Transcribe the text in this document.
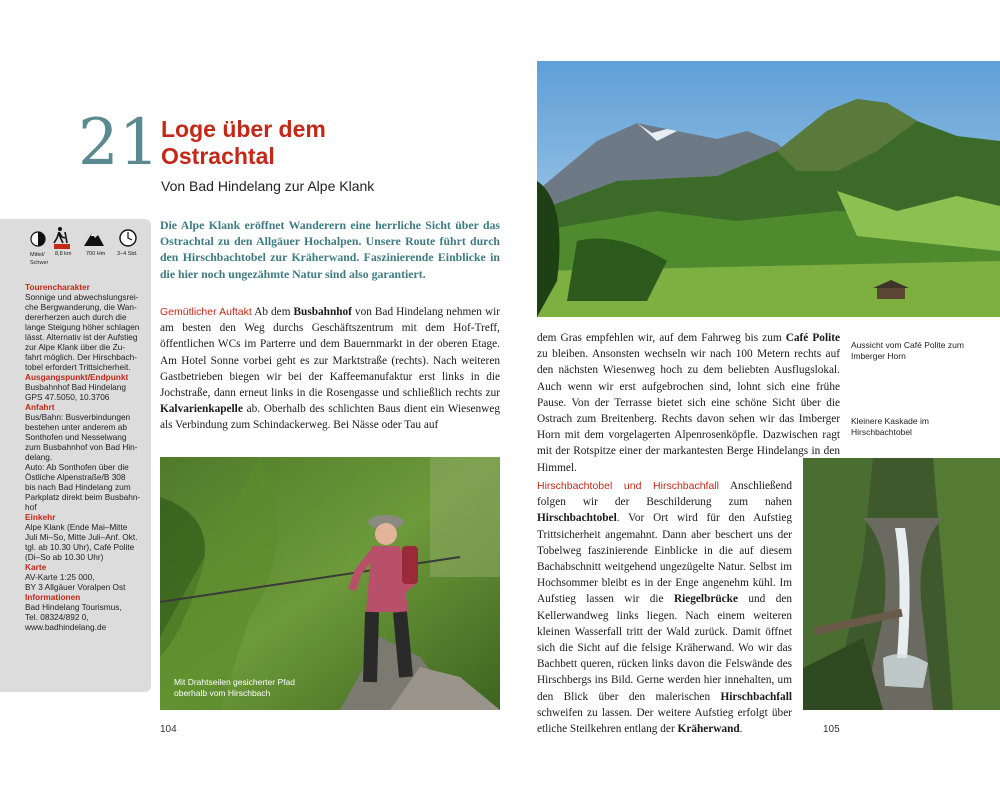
21 Loge über dem Ostrachtal
Von Bad Hindelang zur Alpe Klank
Mittel/
Schwer
8,8 km	700 Hm 3–4 Std.
Tourencharakter
Sonnige und abwechslungsrei-
che Bergwanderung, die Wan-
dererherzen auch durch die
lange Steigung höher schlagen
lässt. Alternativ ist der Aufstieg
zur Alpe Klank über die Zu-
fahrt möglich. Der Hirschbach-
tobel erfordert Trittsicherheit.
Ausgangspunkt/Endpunkt
Busbahnhof Bad Hindelang
GPS 47.5050, 10.3706
Anfahrt
Bus/Bahn: Busverbindungen
bestehen unter anderem ab
Sonthofen und Nesselwang
zum Busbahnhof von Bad Hin-
delang.
Auto: Ab Sonthofen über die
Östliche Alpenstraße/B 308
bis nach Bad Hindelang zum
Parkplatz direkt beim Busbahn-
hof
Einkehr
Alpe Klank (Ende Mai–Mitte
Juli Mi–So, Mitte Juli–Anf. Okt.
tgl. ab 10.30 Uhr), Café Polite
(Di–So ab 10.30 Uhr)
Karte
AV-Karte 1:25 000,
BY 3 Allgäuer Voralpen Ost
Informationen
Bad Hindelang Tourismus,
Tel. 08324/892 0,
www.badhindelang.de
Die Alpe Klank eröffnet Wanderern eine herrliche Sicht über das Ostrachtal zu den Allgäuer Hochalpen. Unsere Route führt durch den Hirschbachtobel zur Kräherwand. Faszinierende Einblicke in die hier noch ungezähmte Natur sind also garantiert.
Gemütlicher Auftakt Ab dem Busbahnhof von Bad Hindelang nehmen wir am besten den Weg durchs Geschäftszentrum mit dem Hof-Treff, öffentlichen WCs im Parterre und dem Bauernmarkt in der oberen Etage. Am Hotel Sonne vorbei geht es zur Marktstraße (rechts). Nach weiteren Gastbetrieben biegen wir bei der Kaffeemanufaktur erst links in die Jochstraße, dann erneut links in die Rosengasse und schließlich rechts zur Kalvarienkapelle ab. Oberhalb des schlichten Baus dient ein Wiesenweg als Verbindung zum Schindackerweg. Bei Nässe oder Tau auf
Mit Drahtseilen gesicherter Pfad oberhalb vom Hirschbach
104
Aussicht vom Café Polite zum Imberger Horn
Kleinere Kaskade im Hirschbachtobel
dem Gras empfehlen wir, auf dem Fahrweg bis zum Café Polite zu bleiben. Ansonsten wechseln wir nach 100 Metern rechts auf den nächsten Wiesenweg hoch zu dem beliebten Ausflugslokal. Auch wenn wir erst aufgebrochen sind, lohnt sich eine frühe Pause. Von der Terrasse bietet sich eine schöne Sicht über die Ostrach zum Breitenberg. Rechts davon sehen wir das Imberger Horn mit dem vorgelagerten Alpenrosenköpfle. Dazwischen ragt mit der Rotspitze einer der markantesten Berge Hindelangs in den Himmel.
Hirschbachtobel und Hirschbachfall Anschließend folgen wir der Beschilderung zum nahen Hirschbachtobel. Vor Ort wird für den Aufstieg Trittsicherheit angemahnt. Dann aber beschert uns der Tobelweg faszinierende Einblicke in die auf diesem Bachabschnitt weitgehend ungezügelte Natur. Selbst im Hochsommer bleibt es in der Enge angenehm kühl. Im Aufstieg lassen wir die Riegelbrücke und den Kellerwandweg links liegen. Nach einem weiteren kleinen Wasserfall tritt der Wald zurück. Damit öffnet sich die Sicht auf die felsige Kräherwand. Wo wir das Bachbett queren, rücken links davon die Felswände des Hirschbergs ins Bild. Gerne werden hier innehalten, um den Blick über den malerischen Hirschbachfall schweifen zu lassen. Der weitere Aufstieg erfolgt über etliche Steilkehren entlang der Kräherwand.	105
